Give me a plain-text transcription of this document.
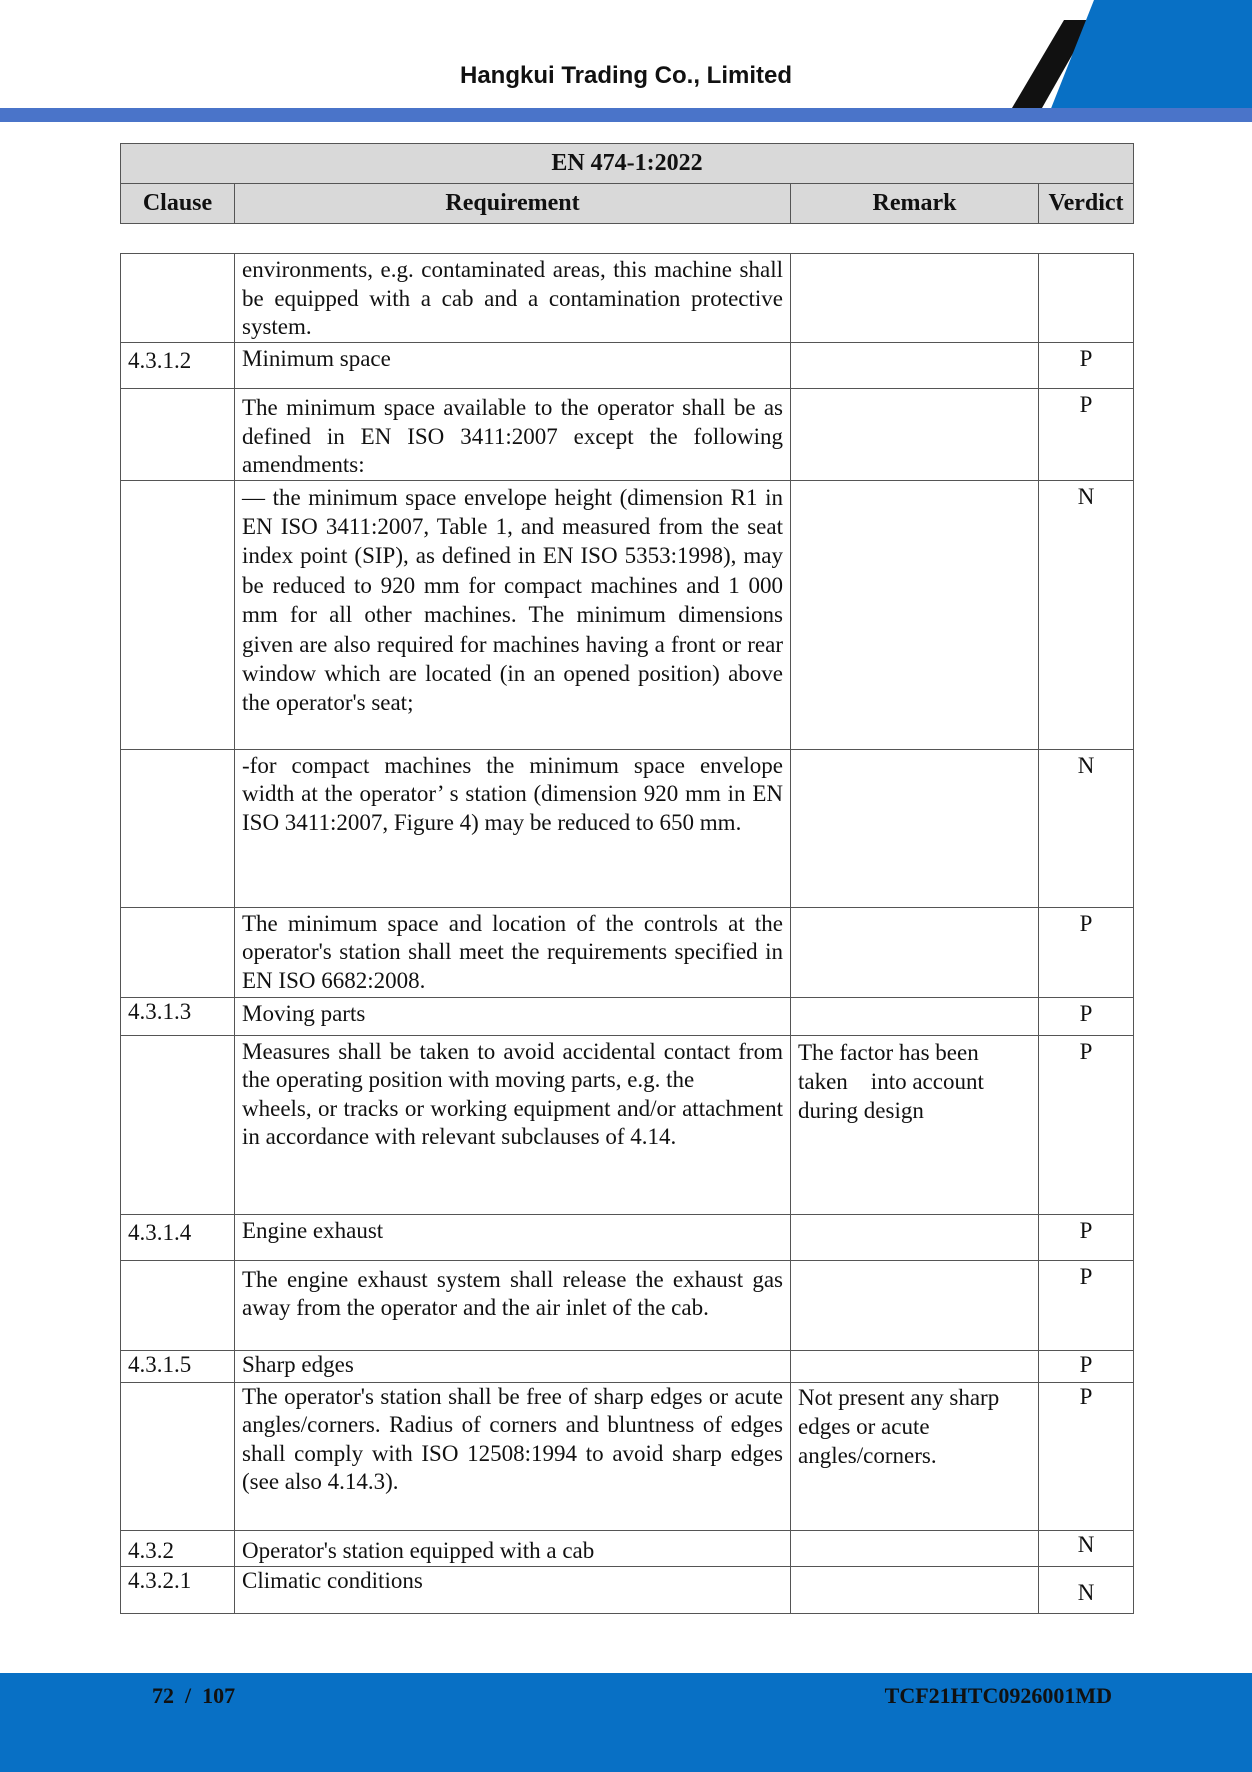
Hangkui Trading Co., Limited
EN 474-1:2022
Clause	Requirement	Remark	Verdict
	environments, e.g. contaminated areas, this machine shall be equipped with a cab and a contamination protective system.		
4.3.1.2	Minimum space		P
	The minimum space available to the operator shall be as defined in EN ISO 3411:2007 except the following amendments:		P
	— the minimum space envelope height (dimension R1 in EN ISO 3411:2007, Table 1, and measured from the seat index point (SIP), as defined in EN ISO 5353:1998), may be reduced to 920 mm for compact machines and 1 000 mm for all other machines. The minimum dimensions given are also required for machines having a front or rear window which are located (in an opened position) above the operator's seat;		N
	-for compact machines the minimum space envelope width at the operator’ s station (dimension 920 mm in EN ISO 3411:2007, Figure 4) may be reduced to 650 mm.		N
	The minimum space and location of the controls at the operator's station shall meet the requirements specified in EN ISO 6682:2008.		P
4.3.1.3	Moving parts		P

	Measures shall be taken to avoid accidental contact from the operating position with moving parts, e.g. the
wheels, or tracks or working equipment and/or attachment in accordance with relevant subclauses of 4.14.	The factor has been taken    into account during design	P
4.3.1.4	Engine exhaust		P
	The engine exhaust system shall release the exhaust gas away from the operator and the air inlet of the cab.		P
4.3.1.5	Sharp edges		P
	The operator's station shall be free of sharp edges or acute angles/corners. Radius of corners and bluntness of edges shall comply with ISO 12508:1994 to avoid sharp edges (see also 4.14.3).	Not present any sharp edges or acute angles/corners.	P
4.3.2	Operator's station equipped with a cab		N
4.3.2.1	Climatic conditions		N
72  /  107	TCF21HTC0926001MD
